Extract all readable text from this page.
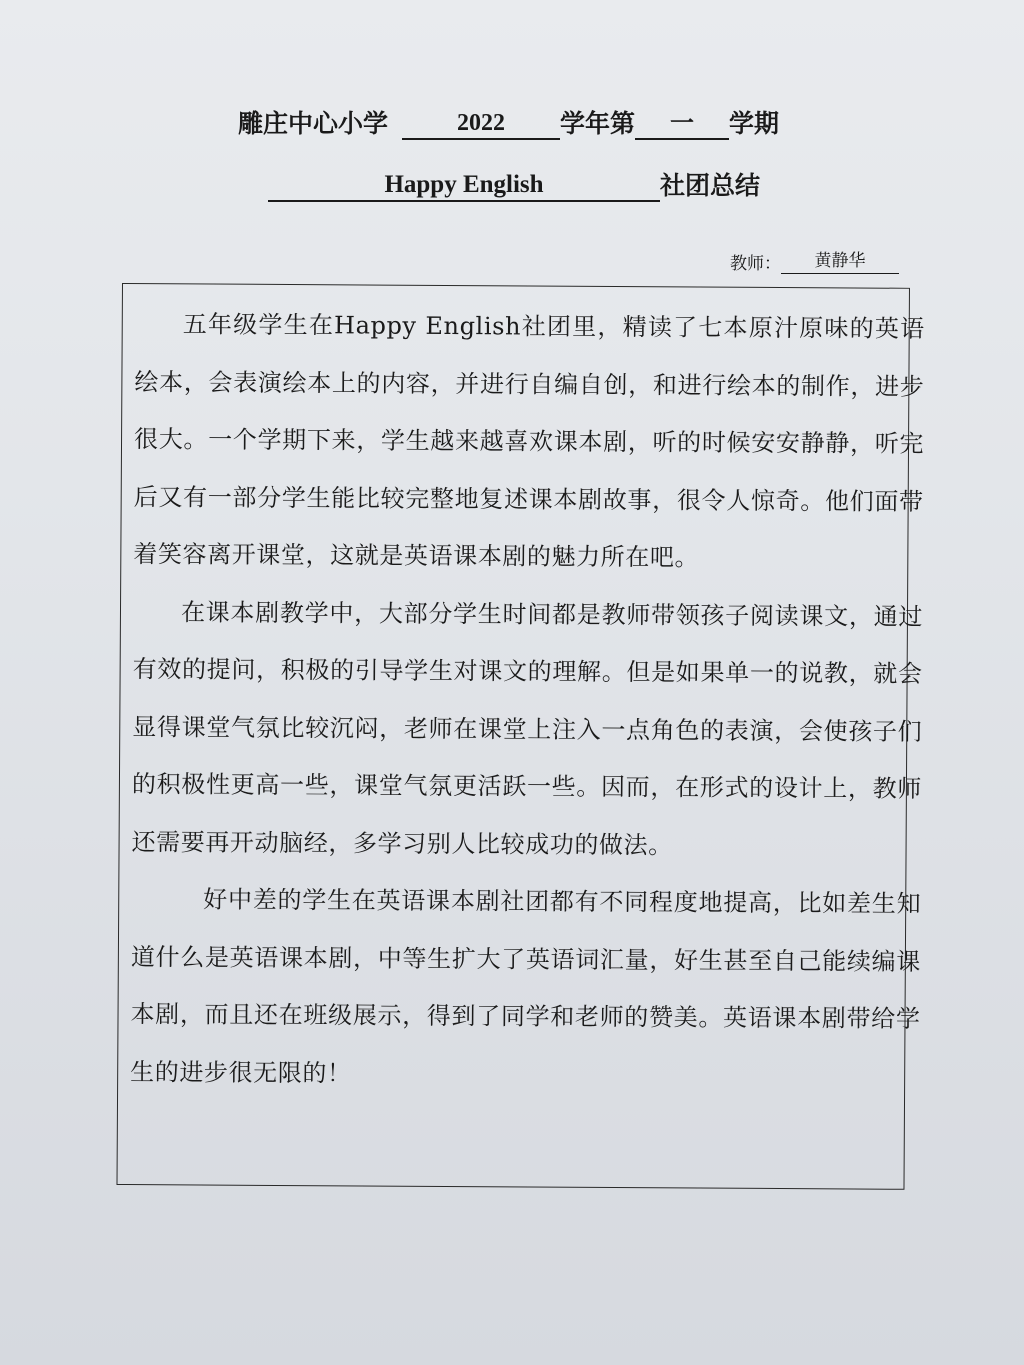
雕庄中心小学	2022	学年第	一	学期
Happy English	社团总结
教师：	黄静华

五年级学生在Happy English社团里，精读了七本原汁原味的英语绘本，会表演绘本上的内容，并进行自编自创，和进行绘本的制作，进步很大。一个学期下来，学生越来越喜欢课本剧，听的时候安安静静，听完后又有一部分学生能比较完整地复述课本剧故事，很令人惊奇。他们面带着笑容离开课堂，这就是英语课本剧的魅力所在吧。

在课本剧教学中，大部分学生时间都是教师带领孩子阅读课文，通过有效的提问，积极的引导学生对课文的理解。但是如果单一的说教，就会显得课堂气氛比较沉闷，老师在课堂上注入一点角色的表演，会使孩子们的积极性更高一些，课堂气氛更活跃一些。因而，在形式的设计上，教师还需要再开动脑经，多学习别人比较成功的做法。

好中差的学生在英语课本剧社团都有不同程度地提高，比如差生知道什么是英语课本剧，中等生扩大了英语词汇量，好生甚至自己能续编课本剧，而且还在班级展示，得到了同学和老师的赞美。英语课本剧带给学生的进步很无限的！
